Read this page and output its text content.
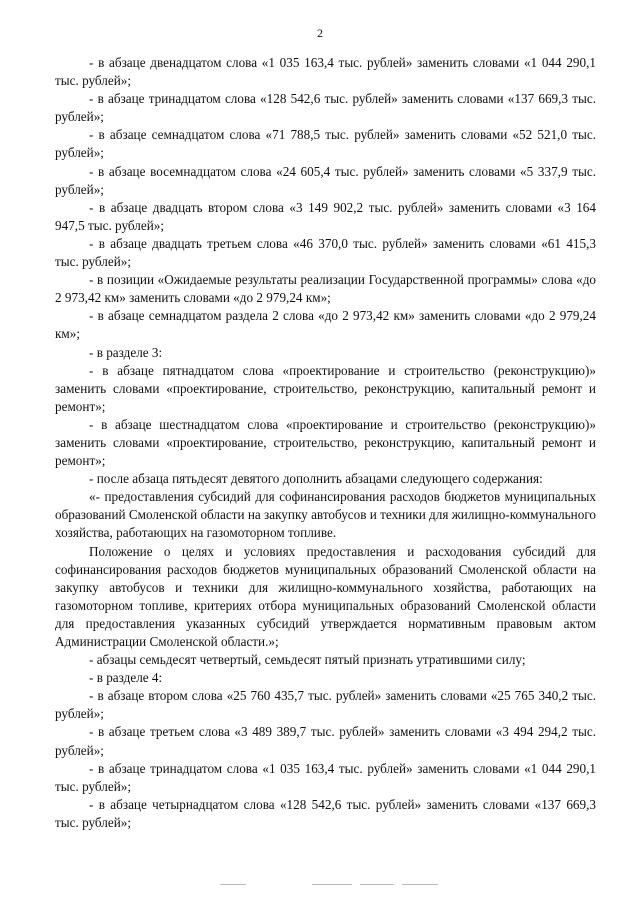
2

- в абзаце двенадцатом слова «1 035 163,4 тыс. рублей» заменить словами «1 044 290,1 тыс. рублей»;

- в абзаце тринадцатом слова «128 542,6 тыс. рублей» заменить словами «137 669,3 тыс. рублей»;

- в абзаце семнадцатом слова «71 788,5 тыс. рублей» заменить словами «52 521,0 тыс. рублей»;

- в абзаце восемнадцатом слова «24 605,4 тыс. рублей» заменить словами «5 337,9 тыс. рублей»;

- в абзаце двадцать втором слова «3 149 902,2 тыс. рублей» заменить словами «3 164 947,5 тыс. рублей»;

- в абзаце двадцать третьем слова «46 370,0 тыс. рублей» заменить словами «61 415,3 тыс. рублей»;

- в позиции «Ожидаемые результаты реализации Государственной программы» слова «до 2 973,42 км» заменить словами «до 2 979,24 км»;

- в абзаце семнадцатом раздела 2 слова «до 2 973,42 км» заменить словами «до 2 979,24 км»;

- в разделе 3:

- в абзаце пятнадцатом слова «проектирование и строительство (реконструкцию)» заменить словами «проектирование, строительство, реконструкцию, капитальный ремонт и ремонт»;

- в абзаце шестнадцатом слова «проектирование и строительство (реконструкцию)» заменить словами «проектирование, строительство, реконструкцию, капитальный ремонт и ремонт»;

- после абзаца пятьдесят девятого дополнить абзацами следующего содержания:

«- предоставления субсидий для софинансирования расходов бюджетов муниципальных образований Смоленской области на закупку автобусов и техники для жилищно-коммунального хозяйства, работающих на газомоторном топливе.

Положение о целях и условиях предоставления и расходования субсидий для софинансирования расходов бюджетов муниципальных образований Смоленской области на закупку автобусов и техники для жилищно-коммунального хозяйства, работающих на газомоторном топливе, критериях отбора муниципальных образований Смоленской области для предоставления указанных субсидий утверждается нормативным правовым актом Администрации Смоленской области.»;

- абзацы семьдесят четвертый, семьдесят пятый признать утратившими силу;

- в разделе 4:

- в абзаце втором слова «25 760 435,7 тыс. рублей» заменить словами «25 765 340,2 тыс. рублей»;

- в абзаце третьем слова «3 489 389,7 тыс. рублей» заменить словами «3 494 294,2 тыс. рублей»;

- в абзаце тринадцатом слова «1 035 163,4 тыс. рублей» заменить словами «1 044 290,1 тыс. рублей»;

- в абзаце четырнадцатом слова «128 542,6 тыс. рублей» заменить словами «137 669,3 тыс. рублей»;
